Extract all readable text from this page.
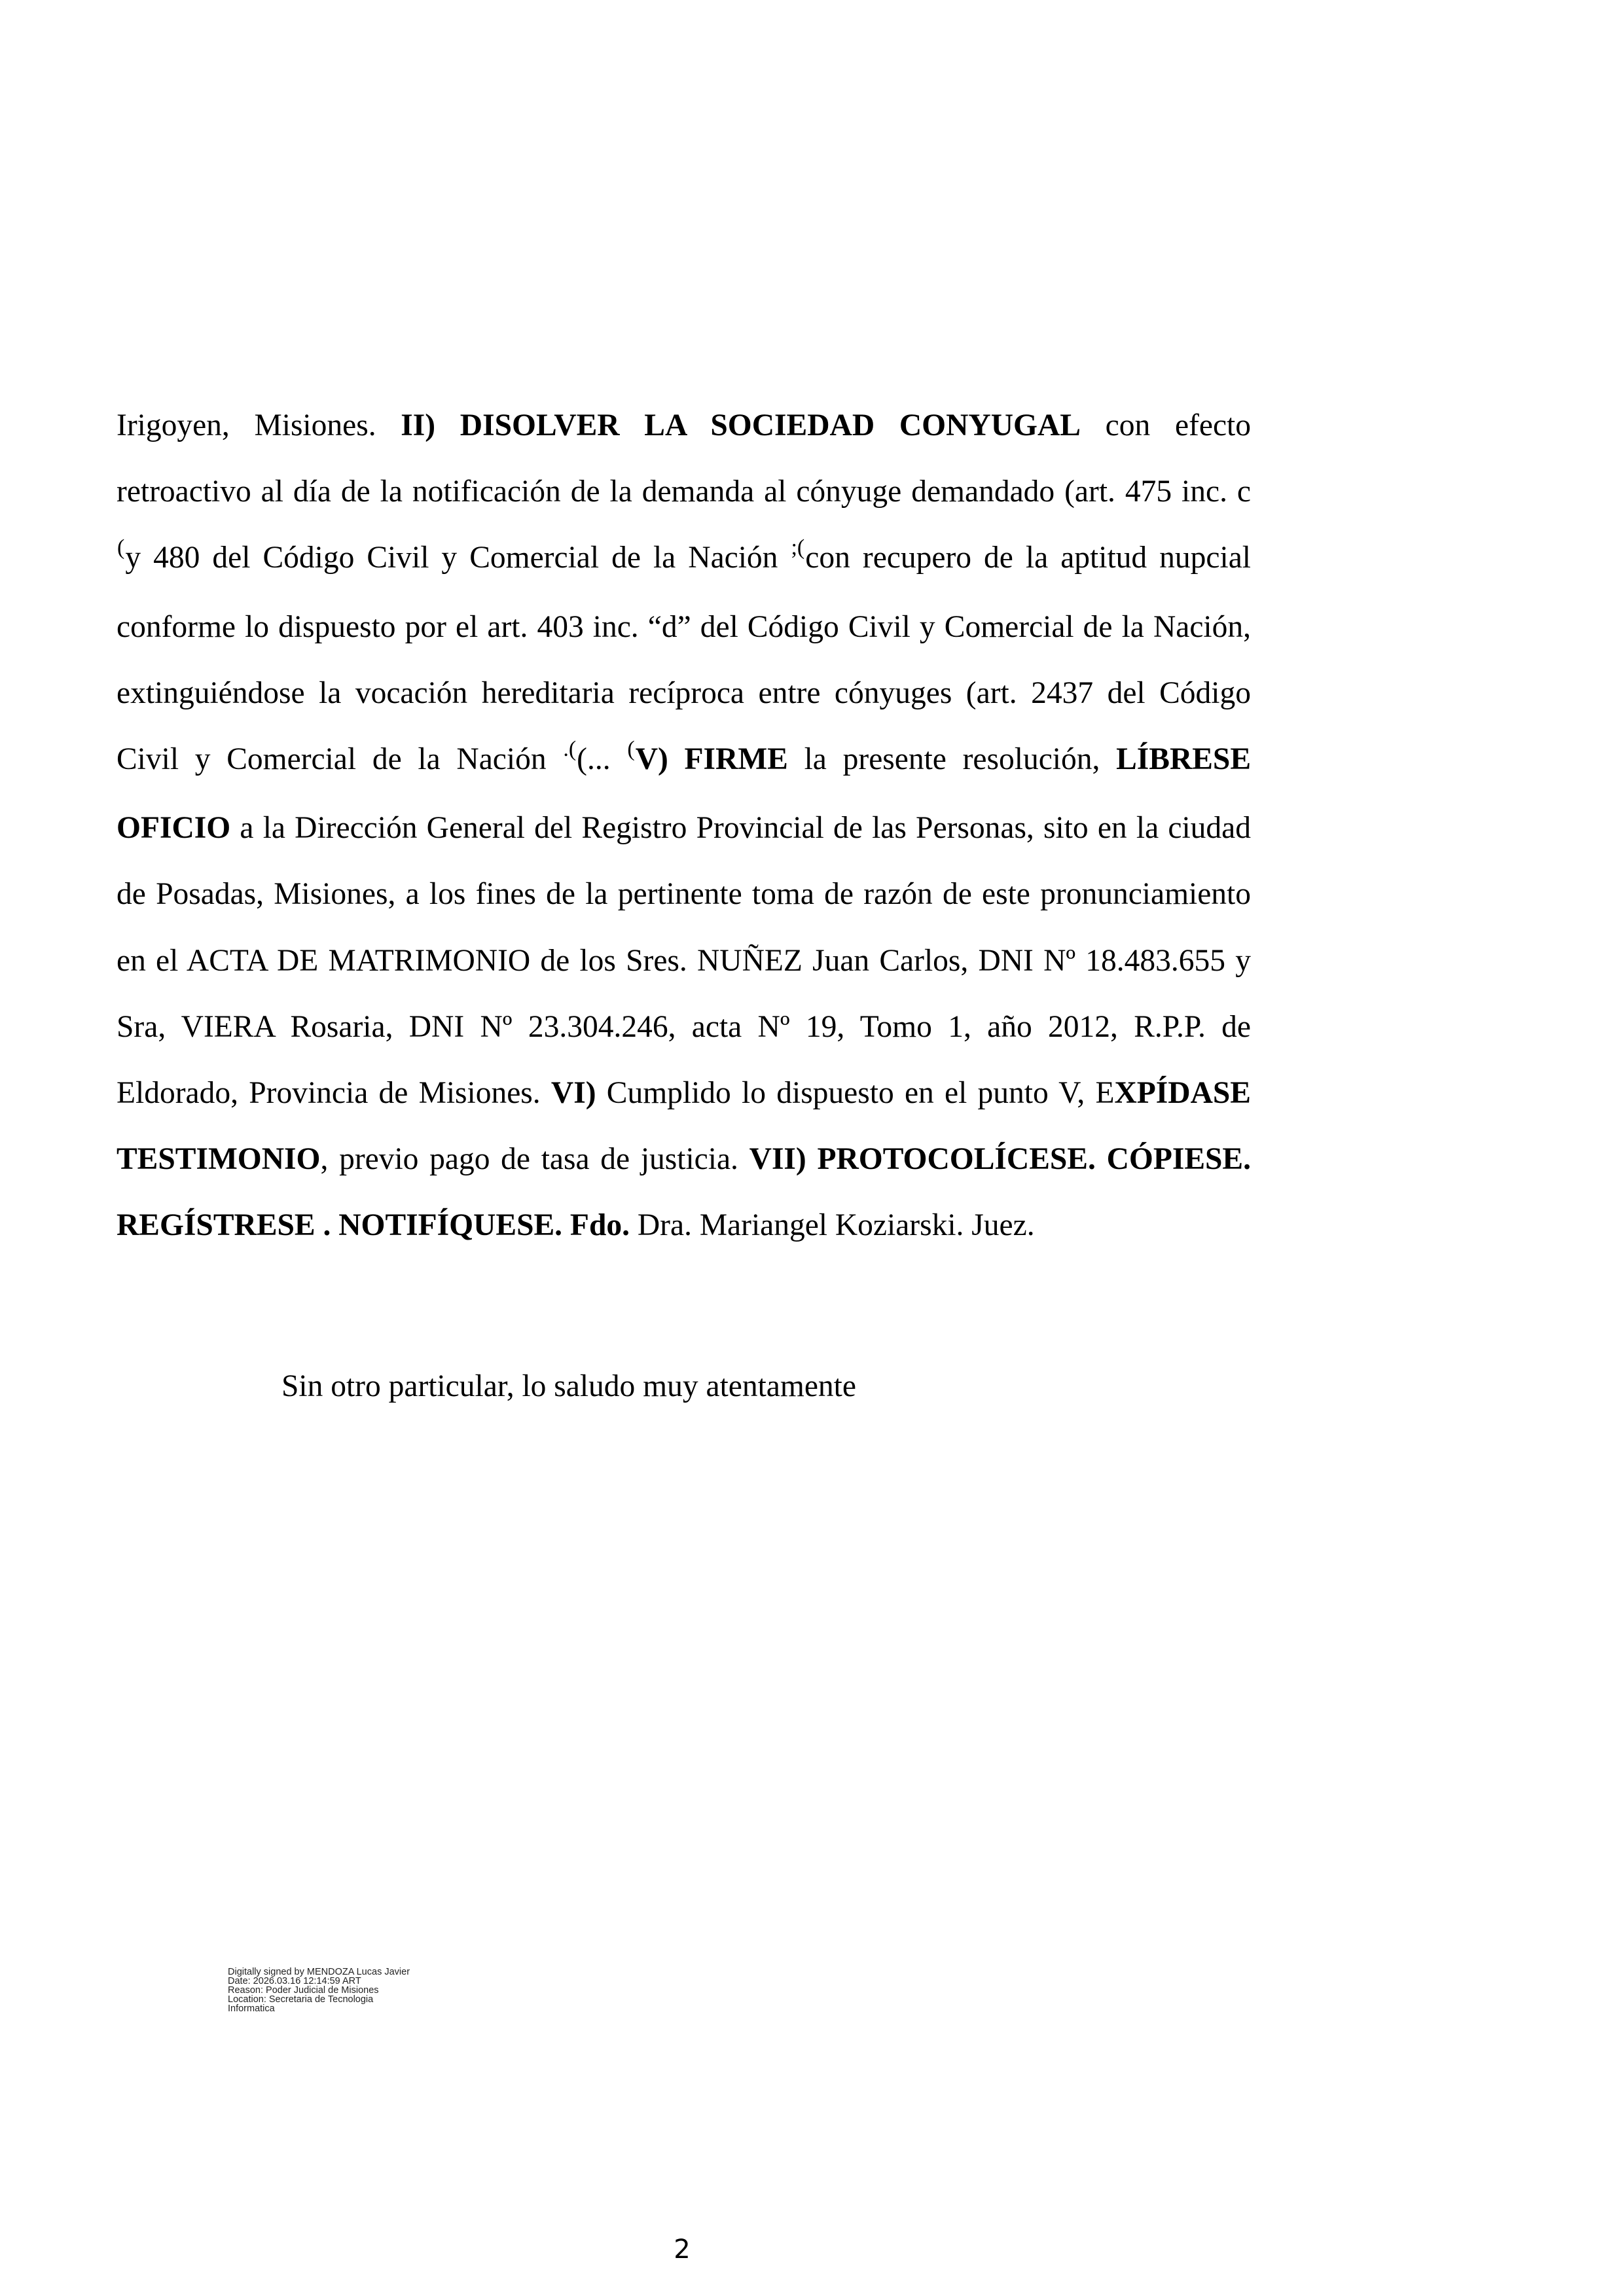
Irigoyen, Misiones. II) DISOLVER LA SOCIEDAD CONYUGAL con efecto retroactivo al día de la notificación de la demanda al cónyuge demandado (art. 475 inc. c (y 480 del Código Civil y Comercial de la Nación ;(con recupero de la aptitud nupcial conforme lo dispuesto por el art. 403 inc. “d” del Código Civil y Comercial de la Nación, extinguiéndose la vocación hereditaria recíproca entre cónyuges (art. 2437 del Código Civil y Comercial de la Nación .((... (V) FIRME la presente resolución, LÍBRESE OFICIO a la Dirección General del Registro Provincial de las Personas, sito en la ciudad de Posadas, Misiones, a los fines de la pertinente toma de razón de este pronunciamiento en el ACTA DE MATRIMONIO de los Sres. NUÑEZ Juan Carlos, DNI Nº 18.483.655 y Sra, VIERA Rosaria, DNI Nº 23.304.246, acta Nº 19, Tomo 1, año 2012, R.P.P. de Eldorado, Provincia de Misiones. VI) Cumplido lo dispuesto en el punto V, EXPÍDASE TESTIMONIO, previo pago de tasa de justicia. VII) PROTOCOLÍCESE. CÓPIESE. REGÍSTRESE . NOTIFÍQUESE. Fdo. Dra. Mariangel Koziarski. Juez.

Sin otro particular, lo saludo muy atentamente

Digitally signed by MENDOZA Lucas Javier
Date: 2026.03.16 12:14:59 ART
Reason: Poder Judicial de Misiones
Location: Secretaria de Tecnologia
Informatica
2
